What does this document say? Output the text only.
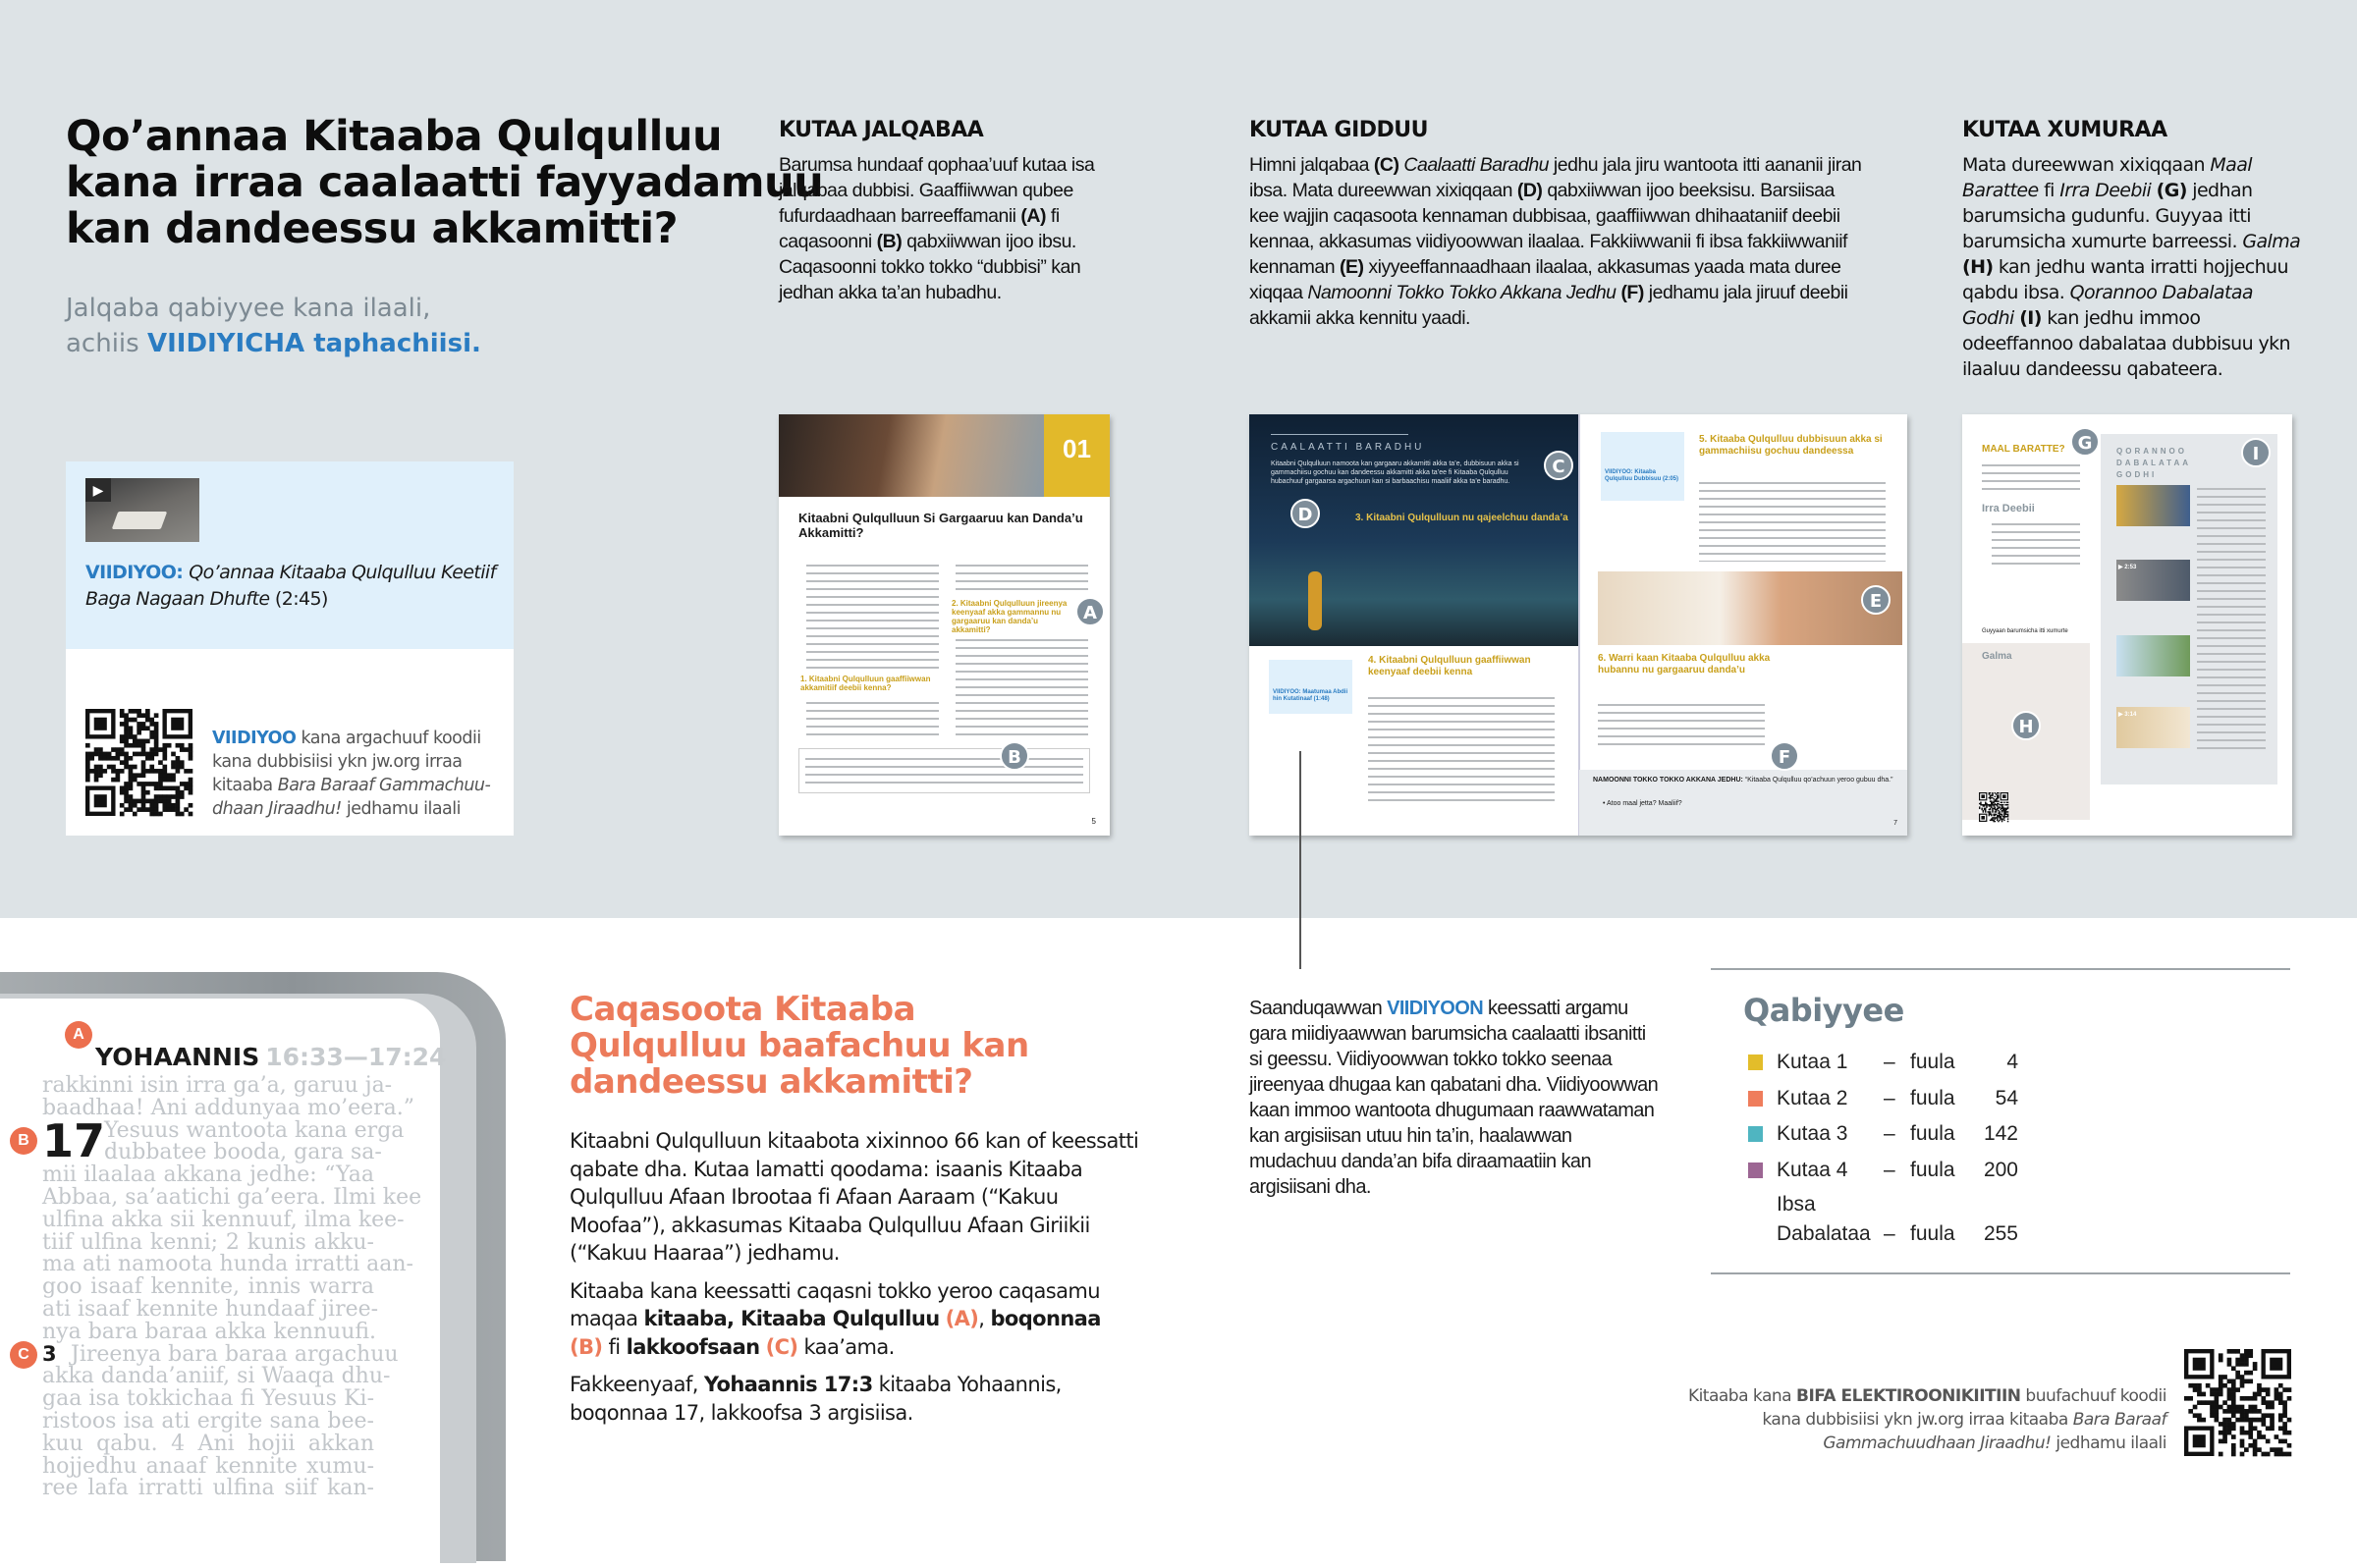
Qo’annaa Kitaaba Qulqulluu
kana irraa caalaatti fayyadamuu
kan dandeessu akkamitti?
Jalqaba qabiyyee kana ilaali,
achiis VIIDIYICHA taphachiisi.
▶
VIIDIYOO: Qo’annaa Kitaaba Qulqulluu Keetiif Baga Nagaan Dhufte (2:45)
VIIDIYOO kana argachuuf koodii kana dubbisiisi ykn jw.org irraa kitaaba Bara Baraaf Gammachuudhaan Jiraadhu! jedhamu ilaali
KUTAA JALQABAA

Barumsa hundaaf qophaa’uuf kutaa isa jalqabaa dubbisi. Gaaffiiwwan qubee fufurdaadhaan barreeffamanii (A) fi caqasoonni (B) qabxiiwwan ijoo ibsu. Caqasoonni tokko tokko “dubbisi” kan jedhan akka ta’an hubadhu.

KUTAA GIDDUU

Himni jalqabaa (C) Caalaatti Baradhu jedhu jala jiru wantoota itti aananii jiran ibsa. Mata dureewwan xixiqqaan (D) qabxiiwwan ijoo beeksisu. Barsiisaa kee wajjin caqasoota kennaman dubbisaa, gaaffiiwwan dhihaataniif deebii kennaa, akkasumas viidiyoowwan ilaalaa. Fakkiiwwanii fi ibsa fakkiiwwaniif kennaman (E) xiyyeeffannaadhaan ilaalaa, akkasumas yaada mata duree xiqqaa Namoonni Tokko Tokko Akkana Jedhu (F) jedhamu jala jiruuf deebii akkamii akka kennitu yaadi.

KUTAA XUMURAA

Mata dureewwan xixiqqaan Maal Barattee fi Irra Deebii (G) jedhan barumsicha gudunfu. Guyyaa itti barumsicha xumurte barreessi. Galma (H) kan jedhu wanta irratti hojjechuu qabdu ibsa. Qorannoo Dabalataa Godhi (I) kan jedhu immoo odeeffannoo dabalataa dubbisuu ykn ilaaluu dandeessu qabateera.

01
Kitaabni Qulqulluun Si Gargaaruu kan Danda’u Akkamitti?
1. Kitaabni Qulqulluun gaaffiiwwan akkamitiif deebii kenna?
2. Kitaabni Qulqulluun jireenya keenyaaf akka gammannu nu gargaaruu kan danda’u akkamitti?
5
A
B
CAALAATTI BARADHU
Kitaabni Qulqulluun namoota kan gargaaru akkamitti akka ta’e, dubbisuun akka si gammachiisu gochuu kan dandeessu akkamitti akka ta’ee fi Kitaaba Qulqulluu hubachuuf gargaarsa argachuun kan si barbaachisu maaliif akka ta’e baradhu.
3. Kitaabni Qulqulluun nu qajeelchuu danda’a
VIIDIYOO: Maatumaa Abdii hin Kutatinaaf (1:48)
4. Kitaabni Qulqulluun gaaffiiwwan keenyaaf deebii kenna
VIIDIYOO: Kitaaba Qulqulluu Dubbisuu (2:05)
5. Kitaaba Qulqulluu dubbisuun akka si gammachiisu gochuu dandeessa
6. Warri kaan Kitaaba Qulqulluu akka hubannu nu gargaaruu danda’u
NAMOONNI TOKKO TOKKO AKKANA JEDHU: “Kitaaba Qulqulluu qo’achuun yeroo gubuu dha.”
• Atoo maal jetta? Maaliif?
7
C
D
E
F
MAAL BARATTE?
Irra Deebii
Guyyaan barumsicha itti xumurte
Galma
QORANNOO DABALATAA GODHI
▶ 2:53
▶ 3:14
G
H
I
YOHAANNIS 16:33—17:24
rakkinni isin irra ga’a, garuu ja-
baadhaa! Ani addunyaa mo’eera.”
Yesuus wantoota kana erga
dubbatee booda, gara sa-
mii ilaalaa akkana jedhe: “Yaa
Abbaa, sa’aatichi ga’eera. Ilmi kee
ulfina akka sii kennuuf, ilma kee-
tiif ulfina kenni; 2 kunis akku-
ma ati namoota hunda irratti aan-
goo isaaf kennite, innis warra
ati isaaf kennite hundaaf jiree-
nya bara baraa akka kennuufi.
Jireenya bara baraa argachuu
akka danda’aniif, si Waaqa dhu-
gaa isa tokkichaa fi Yesuus Ki-
ristoos isa ati ergite sana bee-
kuu qabu. 4 Ani hojii akkan
hojjedhu anaaf kennite xumu-
ree lafa irratti ulfina siif kan-
17
3
A
B
C
Caqasoota Kitaaba Qulqulluu baafachuu kan dandeessu akkamitti?

Kitaabni Qulqulluun kitaabota xixinnoo 66 kan of keessatti qabate dha. Kutaa lamatti qoodama: isaanis Kitaaba Qulqulluu Afaan Ibrootaa fi Afaan Aaraam (“Kakuu Moofaa”), akkasumas Kitaaba Qulqulluu Afaan Giriikii (“Kakuu Haaraa”) jedhamu.

Kitaaba kana keessatti caqasni tokko yeroo caqasamu maqaa kitaaba, Kitaaba Qulqulluu (A), boqonnaa (B) fi lakkoofsaan (C) kaa’ama.

Fakkeenyaaf, Yohaannis 17:3 kitaaba Yohaannis, boqonnaa 17, lakkoofsa 3 argisiisa.

Saanduqawwan VIIDIYOON keessatti argamu gara miidiyaawwan barumsicha caalaatti ibsanitti si geessu. Viidiyoowwan tokko tokko seenaa jireenyaa dhugaa kan qabatani dha. Viidiyoowwan kaan immoo wantoota dhugumaan raawwataman kan argisiisan utuu hin ta’in, haalawwan mudachuu danda’an bifa diraamaatiin kan argisiisani dha.
Qabiyyee
Kutaa 1 – fuula	4
Kutaa 2 – fuula 54
Kutaa 3 – fuula 142
Kutaa 4 – fuula 200
Ibsa
Dabalataa – fuula 255
Kitaaba kana BIFA ELEKTIROONIKIITIIN buufachuuf koodii kana dubbisiisi ykn jw.org irraa kitaaba Bara Baraaf Gammachuudhaan Jiraadhu! jedhamu ilaali
